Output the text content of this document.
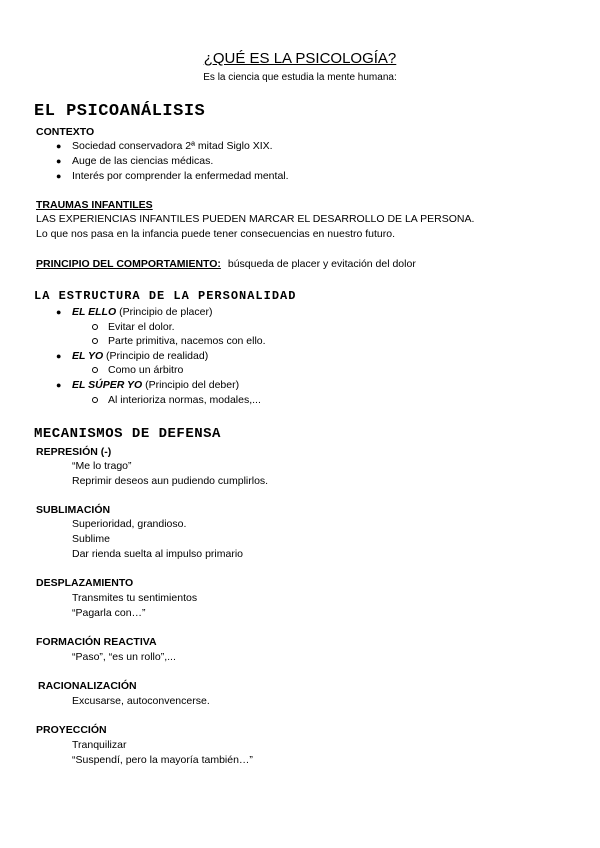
¿QUÉ ES LA PSICOLOGÍA?
Es la ciencia que estudia la mente humana:
EL PSICOANÁLISIS
CONTEXTO
● Sociedad conservadora 2ª mitad Siglo XIX.
● Auge de las ciencias médicas.
● Interés por comprender la enfermedad mental.
TRAUMAS INFANTILES
LAS EXPERIENCIAS INFANTILES PUEDEN MARCAR EL DESARROLLO DE LA PERSONA.
Lo que nos pasa en la infancia puede tener consecuencias en nuestro futuro.
PRINCIPIO DEL COMPORTAMIENTO: búsqueda de placer y evitación del dolor
LA ESTRUCTURA DE LA PERSONALIDAD
● EL ELLO (Principio de placer)
Evitar el dolor.
Parte primitiva, nacemos con ello.
● EL YO (Principio de realidad)
Como un árbitro
● EL SÚPER YO (Principio del deber)
Al interioriza normas, modales,...
MECANISMOS DE DEFENSA
REPRESIÓN (-)
“Me lo trago”
Reprimir deseos aun pudiendo cumplirlos.
SUBLIMACIÓN
Superioridad, grandioso.
Sublime
Dar rienda suelta al impulso primario
DESPLAZAMIENTO
Transmites tu sentimientos
“Pagarla con…”
FORMACIÓN REACTIVA
“Paso”, “es un rollo”,...
RACIONALIZACIÓN
Excusarse, autoconvencerse.
PROYECCIÓN
Tranquilizar
“Suspendí, pero la mayoría también…”
